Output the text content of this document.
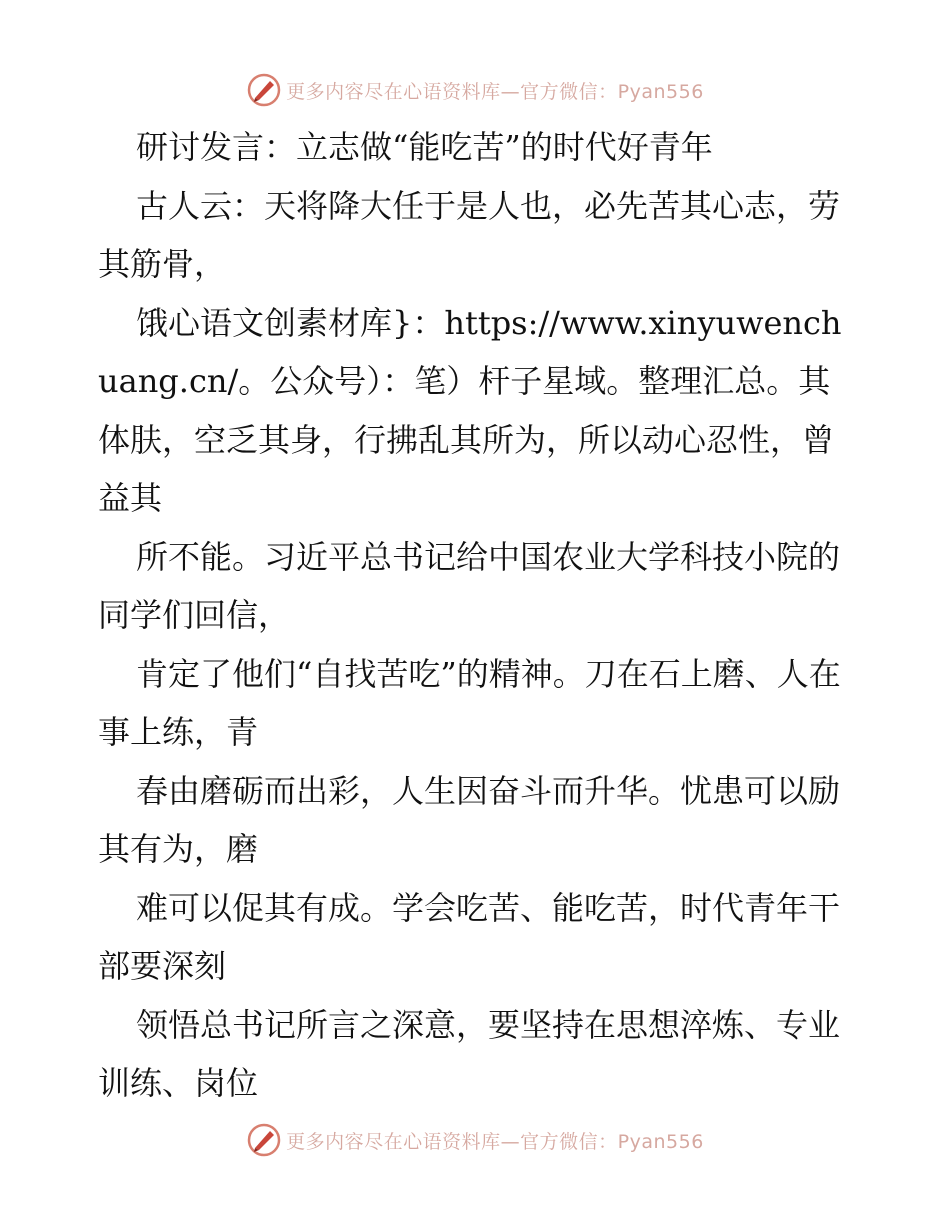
更多内容尽在心语资料库—官方微信：Pyan556

研讨发言：立志做“能吃苦”的时代好青年

古人云：天将降大任于是人也，必先苦其心志，劳其筋骨，

饿心语文创素材库}：https://www.xinyuwenchuang.cn/。公众号）：笔）杆子星域。整理汇总。其体肤，空乏其身，行拂乱其所为，所以动心忍性，曾益其

所不能。习近平总书记给中国农业大学科技小院的同学们回信，

肯定了他们“自找苦吃”的精神。刀在石上磨、人在事上练，青

春由磨砺而出彩，人生因奋斗而升华。忧患可以励其有为，磨

难可以促其有成。学会吃苦、能吃苦，时代青年干部要深刻

领悟总书记所言之深意，要坚持在思想淬炼、专业训练、岗位

更多内容尽在心语资料库—官方微信：Pyan556
